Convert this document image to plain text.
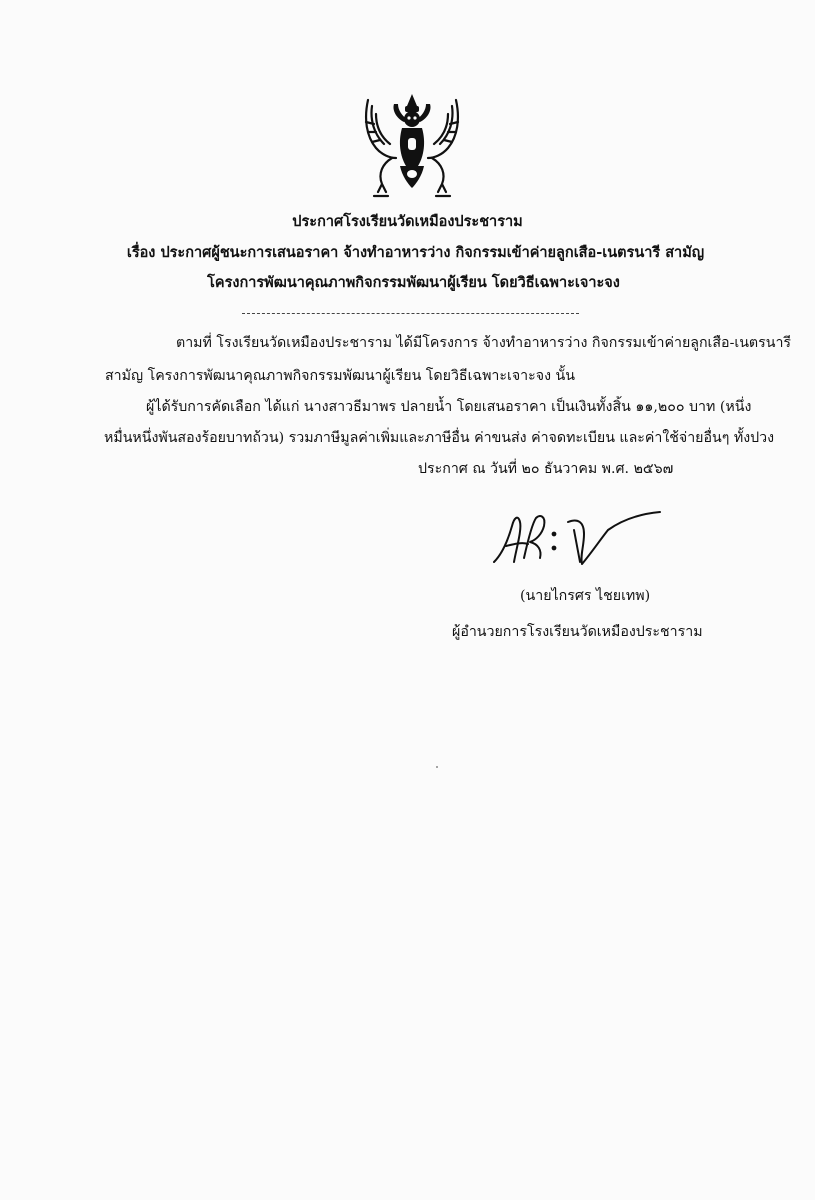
ประกาศโรงเรียนวัดเหมืองประชาราม
เรื่อง ประกาศผู้ชนะการเสนอราคา จ้างทำอาหารว่าง กิจกรรมเข้าค่ายลูกเสือ-เนตรนารี สามัญ
โครงการพัฒนาคุณภาพกิจกรรมพัฒนาผู้เรียน โดยวิธีเฉพาะเจาะจง
ตามที่ โรงเรียนวัดเหมืองประชาราม ได้มีโครงการ จ้างทำอาหารว่าง กิจกรรมเข้าค่ายลูกเสือ-เนตรนารี
สามัญ โครงการพัฒนาคุณภาพกิจกรรมพัฒนาผู้เรียน โดยวิธีเฉพาะเจาะจง นั้น
ผู้ได้รับการคัดเลือก ได้แก่ นางสาวธีมาพร ปลายน้ำ โดยเสนอราคา เป็นเงินทั้งสิ้น ๑๑,๒๐๐ บาท (หนึ่ง
หมื่นหนึ่งพันสองร้อยบาทถ้วน) รวมภาษีมูลค่าเพิ่มและภาษีอื่น ค่าขนส่ง ค่าจดทะเบียน และค่าใช้จ่ายอื่นๆ ทั้งปวง
ประกาศ ณ วันที่ ๒๐ ธันวาคม พ.ศ. ๒๕๖๗
(นายไกรศร ไชยเทพ)
ผู้อำนวยการโรงเรียนวัดเหมืองประชาราม
